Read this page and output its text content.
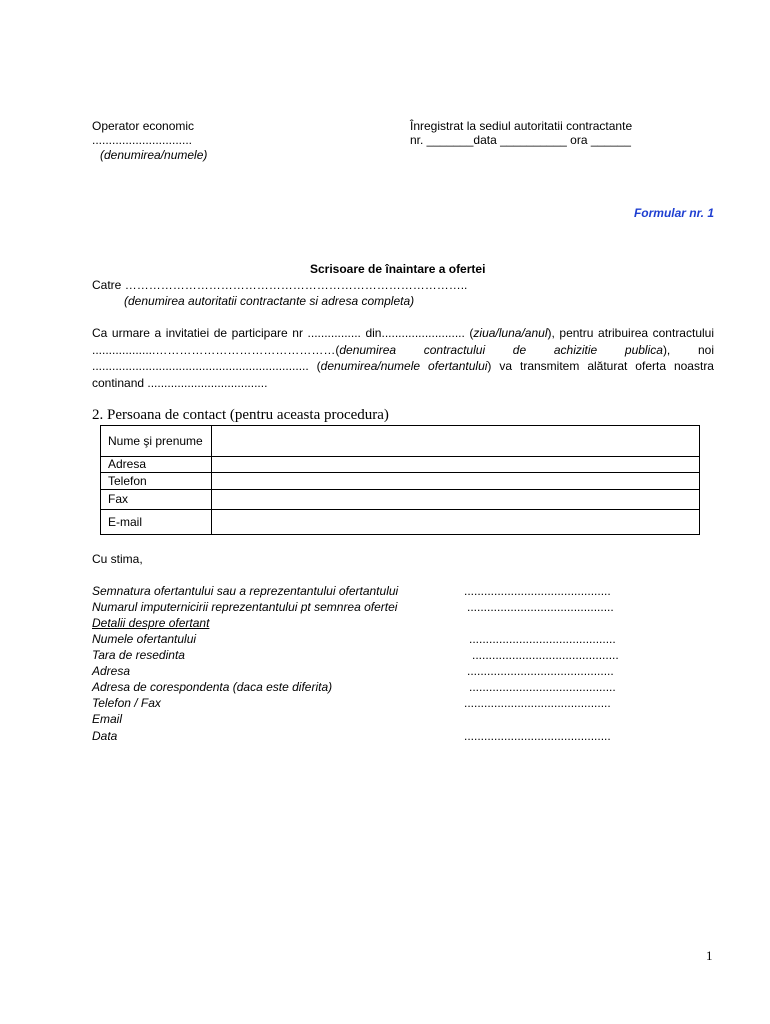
Operator economic
..............................
(denumirea/numele)
Înregistrat la sediul autoritatii contractante
nr. _______data __________ ora ______
Formular nr. 1
Scrisoare de înaintare a ofertei
Catre …………………………………………………………………………..
(denumirea autoritatii contractante si adresa completa)
Ca urmare a invitatiei de participare nr ................ din......................... (ziua/luna/anul), pentru atribuirea contractului ...................………………………………………(denumirea contractului de achizitie publica), noi ................................................................. (denumirea/numele ofertantului) va transmitem alăturat oferta noastra continand ....................................
2. Persoana de contact (pentru aceasta procedura)
Nume şi prenume	
Adresa	
Telefon	
Fax	
E-mail	
Cu stima,
Semnatura ofertantului sau a reprezentantului ofertantului	............................................
Numarul imputernicirii reprezentantului pt semnrea ofertei	............................................
Detalii despre ofertant
Numele ofertantului	............................................
Tara de resedinta	............................................
Adresa	............................................
Adresa de corespondenta (daca este diferita)	............................................
Telefon / Fax	............................................
Email
Data	............................................
1
